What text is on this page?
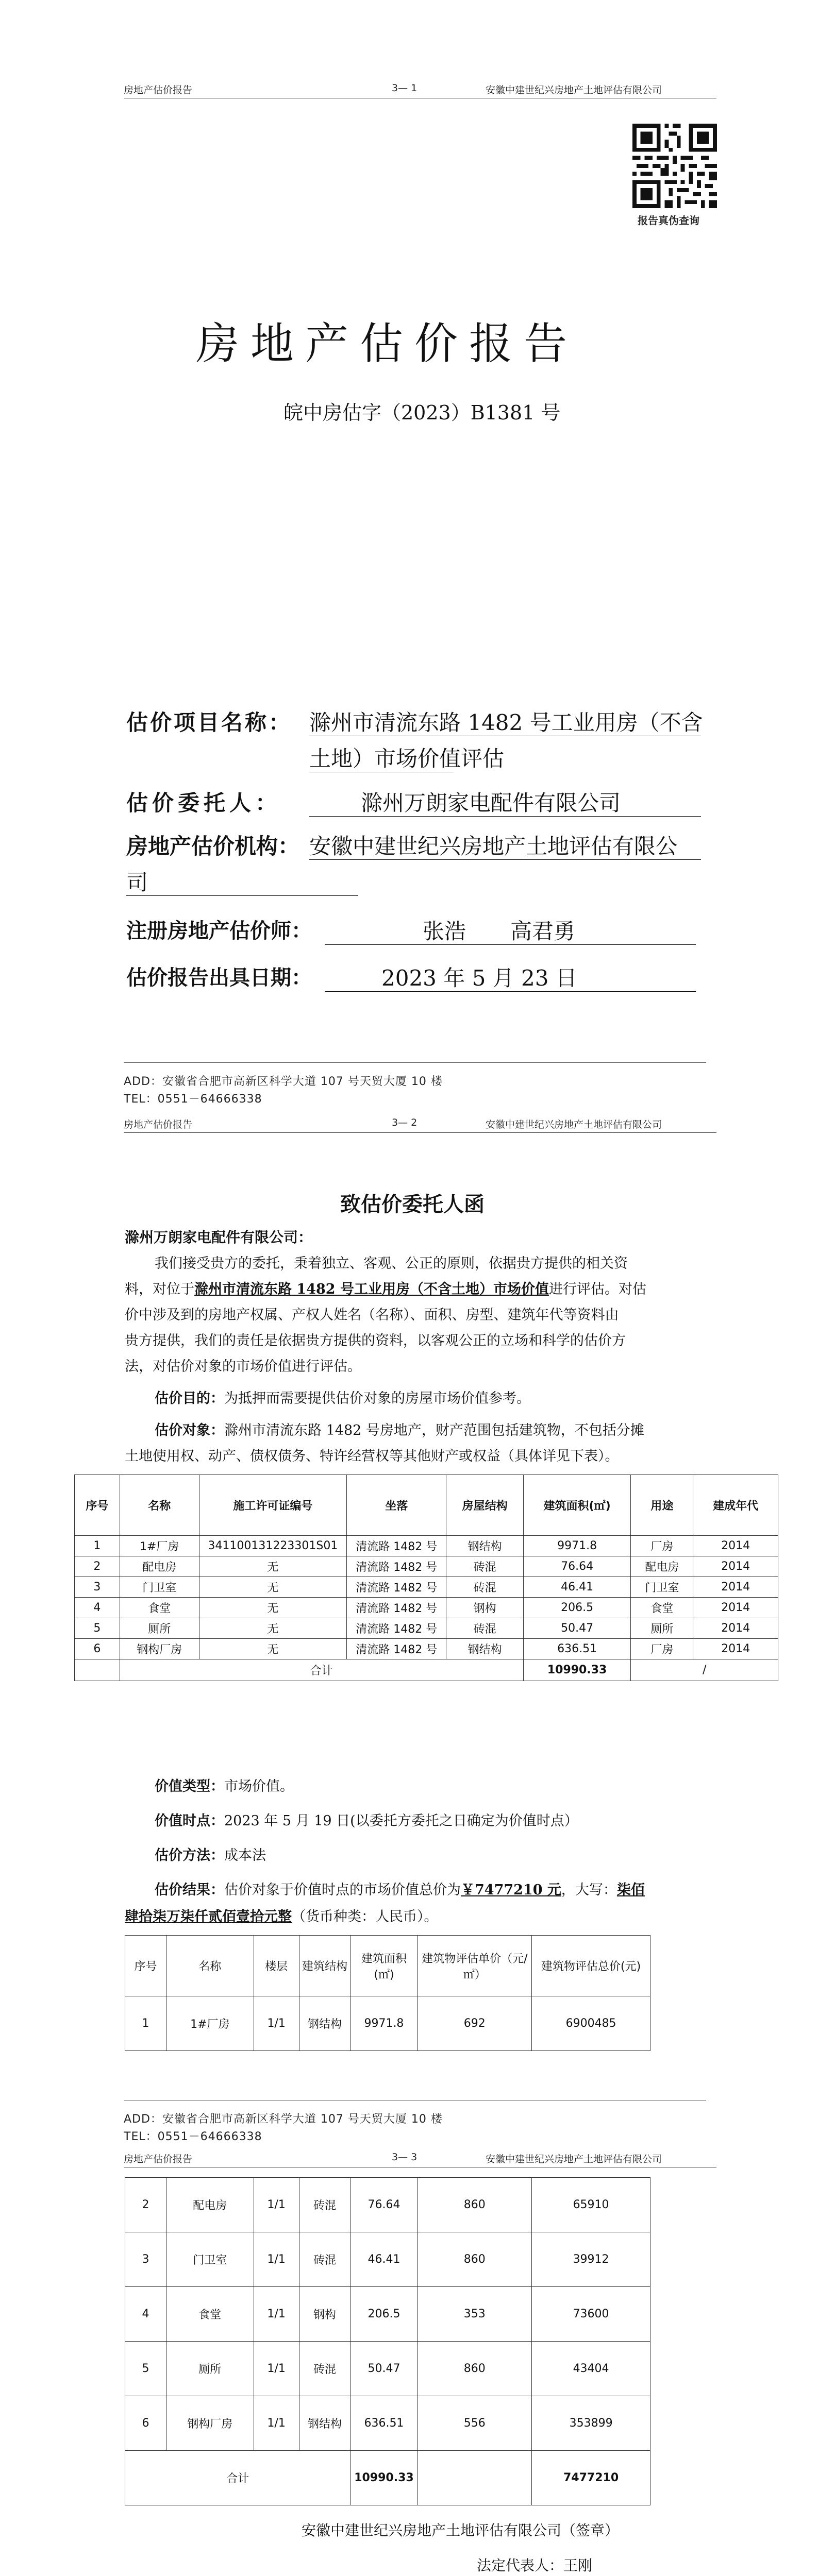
房地产估价报告	3— 1	安徽中建世纪兴房地产土地评估有限公司
报告真伪查询
房地产估价报告
皖中房估字（2023）B1381 号
估价项目名称： 滁州市清流东路 1482 号工业用房（不含
土地）市场价值评估
估价委托人：	滁州万朗家电配件有限公司
房地产估价机构： 安徽中建世纪兴房地产土地评估有限公
司
注册房地产估价师：	张浩 高君勇
估价报告出具日期：	2023 年 5 月 23 日
ADD：安徽省合肥市高新区科学大道 107 号天贸大厦 10 楼
TEL：0551－64666338
房地产估价报告	3— 2	安徽中建世纪兴房地产土地评估有限公司
致估价委托人函
滁州万朗家电配件有限公司：
我们接受贵方的委托，秉着独立、客观、公正的原则，依据贵方提供的相关资
料，对位于滁州市清流东路 1482 号工业用房（不含土地）市场价值进行评估。对估
价中涉及到的房地产权属、产权人姓名（名称）、面积、房型、建筑年代等资料由
贵方提供，我们的责任是依据贵方提供的资料，以客观公正的立场和科学的估价方
法，对估价对象的市场价值进行评估。
估价目的：为抵押而需要提供估价对象的房屋市场价值参考。
估价对象：滁州市清流东路 1482 号房地产，财产范围包括建筑物，不包括分摊
土地使用权、动产、债权债务、特许经营权等其他财产或权益（具体详见下表）。
序号	名称	施工许可证编号	坐落	房屋结构	建筑面积(㎡)	用途	建成年代
1	1#厂房	341100131223301S01	清流路 1482 号	钢结构	9971.8	厂房	2014
2	配电房	无	清流路 1482 号	砖混	76.64	配电房	2014
3	门卫室	无	清流路 1482 号	砖混	46.41	门卫室	2014
4	食堂	无	清流路 1482 号	钢构	206.5	食堂	2014
5	厕所	无	清流路 1482 号	砖混	50.47	厕所	2014
6	钢构厂房	无	清流路 1482 号	钢结构	636.51	厂房	2014
	合计				10990.33	/	
价值类型：市场价值。
价值时点：2023 年 5 月 19 日(以委托方委托之日确定为价值时点）
估价方法：成本法
估价结果：估价对象于价值时点的市场价值总价为￥7477210 元，大写：柒佰
肆拾柒万柒仟贰佰壹拾元整（货币种类：人民币）。
序号	名称	楼层	建筑结构	建筑面积(㎡)	建筑物评估单价（元/㎡）	建筑物评估总价(元)
1	1#厂房	1/1	钢结构	9971.8	692	6900485
ADD：安徽省合肥市高新区科学大道 107 号天贸大厦 10 楼
TEL：0551－64666338
房地产估价报告	3— 3	安徽中建世纪兴房地产土地评估有限公司
2	配电房	1/1	砖混	76.64	860	65910
3	门卫室	1/1	砖混	46.41	860	39912
4	食堂	1/1	钢构	206.5	353	73600
5	厕所	1/1	砖混	50.47	860	43404
6	钢构厂房	1/1	钢结构	636.51	556	353899
合计				10990.33		7477210
安徽中建世纪兴房地产土地评估有限公司（签章）
法定代表人：王刚
